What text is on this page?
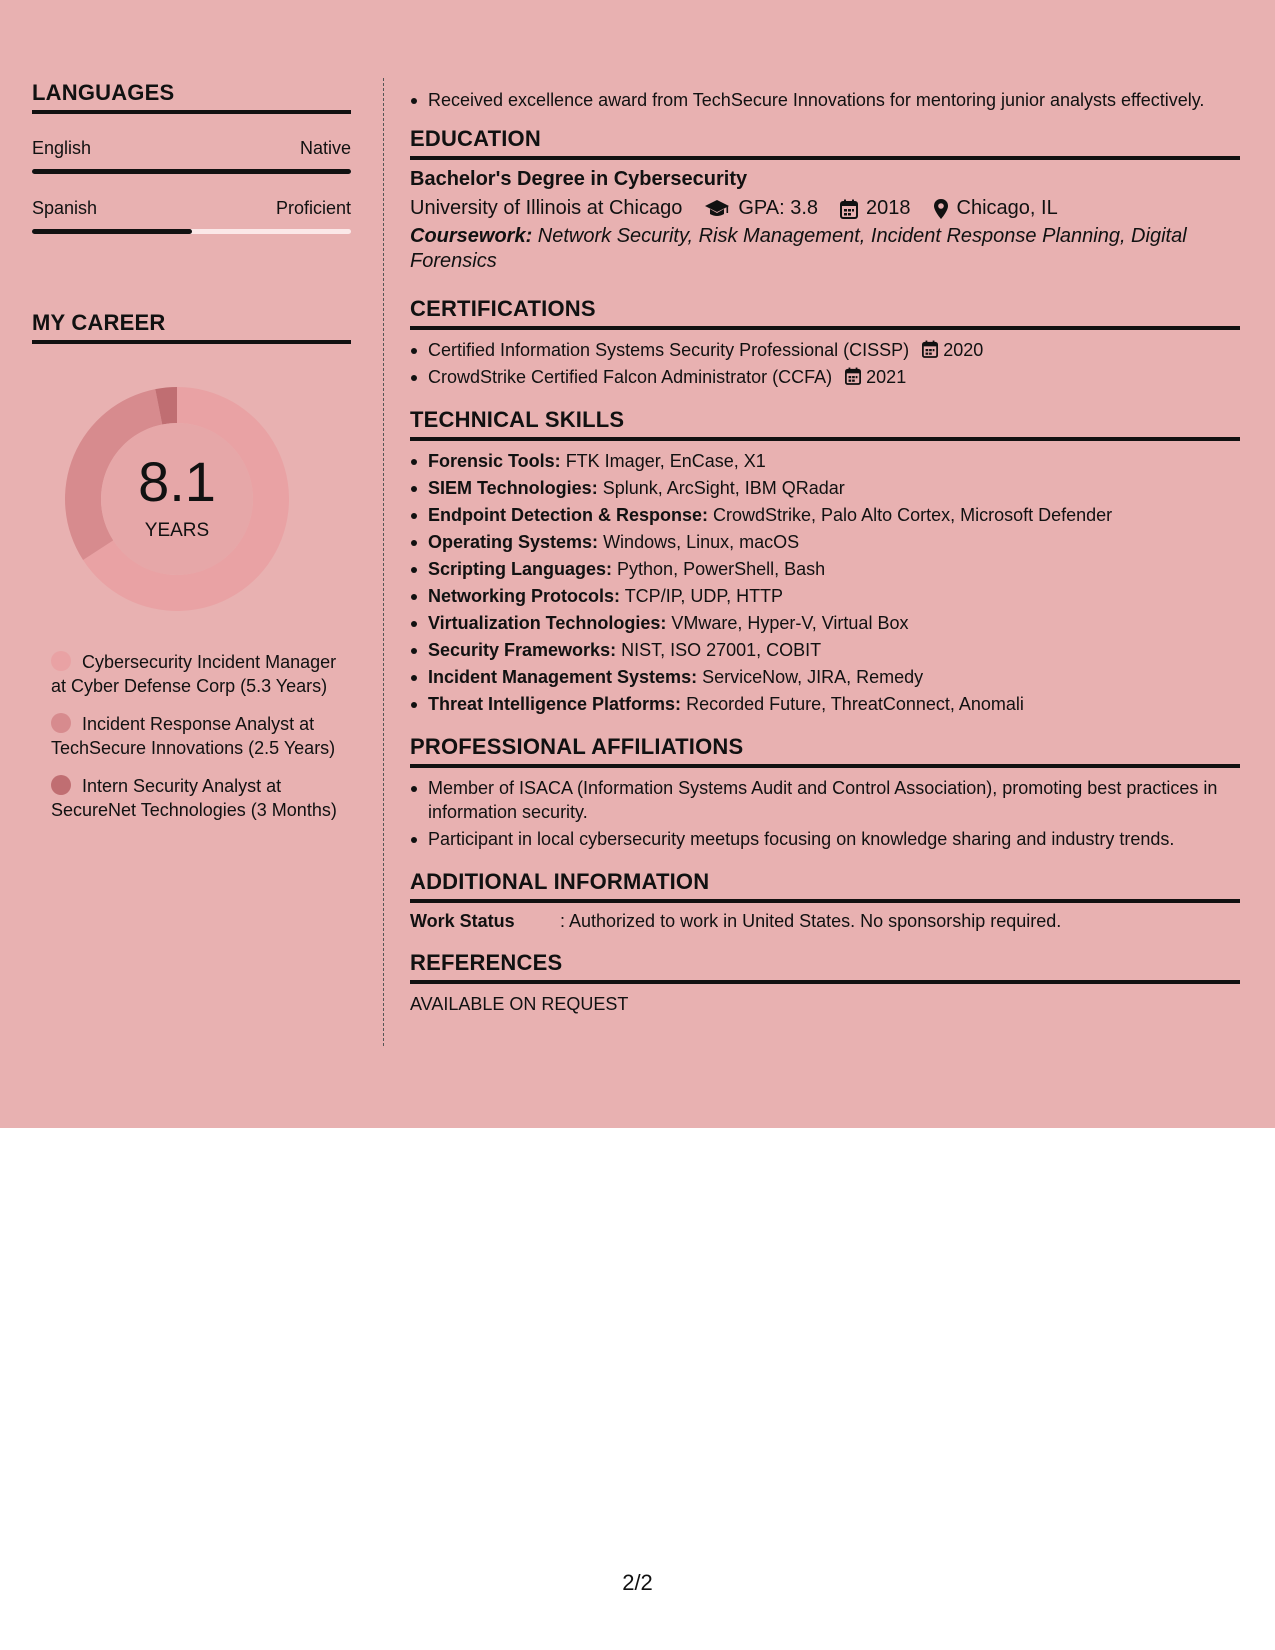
LANGUAGES
English	Native
Spanish	Proficient
MY CAREER
8.1
YEARS
Cybersecurity Incident Manager at Cyber Defense Corp (5.3 Years)
Incident Response Analyst at TechSecure Innovations (2.5 Years)
Intern Security Analyst at SecureNet Technologies (3 Months)
Received excellence award from TechSecure Innovations for mentoring junior analysts effectively.
EDUCATION
Bachelor's Degree in Cybersecurity
University of Illinois at Chicago	GPA: 3.8 2018 Chicago, IL
Coursework: Network Security, Risk Management, Incident Response Planning, Digital Forensics
CERTIFICATIONS
Certified Information Systems Security Professional (CISSP) 2020
CrowdStrike Certified Falcon Administrator (CCFA) 2021
TECHNICAL SKILLS
Forensic Tools: FTK Imager, EnCase, X1
SIEM Technologies: Splunk, ArcSight, IBM QRadar
Endpoint Detection & Response: CrowdStrike, Palo Alto Cortex, Microsoft Defender
Operating Systems: Windows, Linux, macOS
Scripting Languages: Python, PowerShell, Bash
Networking Protocols: TCP/IP, UDP, HTTP
Virtualization Technologies: VMware, Hyper-V, Virtual Box
Security Frameworks: NIST, ISO 27001, COBIT
Incident Management Systems: ServiceNow, JIRA, Remedy
Threat Intelligence Platforms: Recorded Future, ThreatConnect, Anomali
PROFESSIONAL AFFILIATIONS
Member of ISACA (Information Systems Audit and Control Association), promoting best practices in information security.
Participant in local cybersecurity meetups focusing on knowledge sharing and industry trends.
ADDITIONAL INFORMATION
Work Status	: Authorized to work in United States. No sponsorship required.
REFERENCES
AVAILABLE ON REQUEST
2/2
